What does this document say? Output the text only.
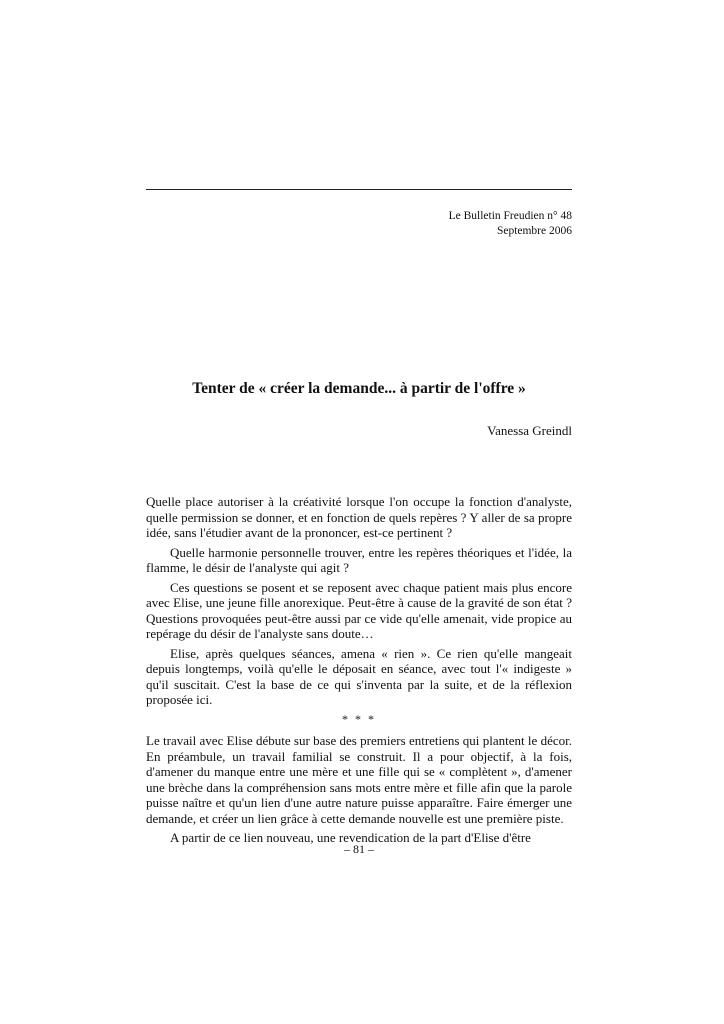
Le Bulletin Freudien n° 48
Septembre 2006
Tenter de « créer la demande... à partir de l'offre »
Vanessa Greindl

Quelle place autoriser à la créativité lorsque l'on occupe la fonction d'analyste, quelle permission se donner, et en fonction de quels repères ? Y aller de sa propre idée, sans l'étudier avant de la prononcer, est-ce pertinent ?

Quelle harmonie personnelle trouver, entre les repères théoriques et l'idée, la flamme, le désir de l'analyste qui agit ?

Ces questions se posent et se reposent avec chaque patient mais plus encore avec Elise, une jeune fille anorexique. Peut-être à cause de la gravité de son état ? Questions provoquées peut-être aussi par ce vide qu'elle amenait, vide propice au repérage du désir de l'analyste sans doute…

Elise, après quelques séances, amena « rien ». Ce rien qu'elle mangeait depuis longtemps, voilà qu'elle le déposait en séance, avec tout l'« indigeste » qu'il suscitait. C'est la base de ce qui s'inventa par la suite, et de la réflexion proposée ici.

* * *

Le travail avec Elise débute sur base des premiers entretiens qui plantent le décor. En préambule, un travail familial se construit. Il a pour objectif, à la fois, d'amener du manque entre une mère et une fille qui se « complètent », d'amener une brèche dans la compréhension sans mots entre mère et fille afin que la parole puisse naître et qu'un lien d'une autre nature puisse apparaître. Faire émerger une demande, et créer un lien grâce à cette demande nouvelle est une première piste.

A partir de ce lien nouveau, une revendication de la part d'Elise d'être

– 81 –
